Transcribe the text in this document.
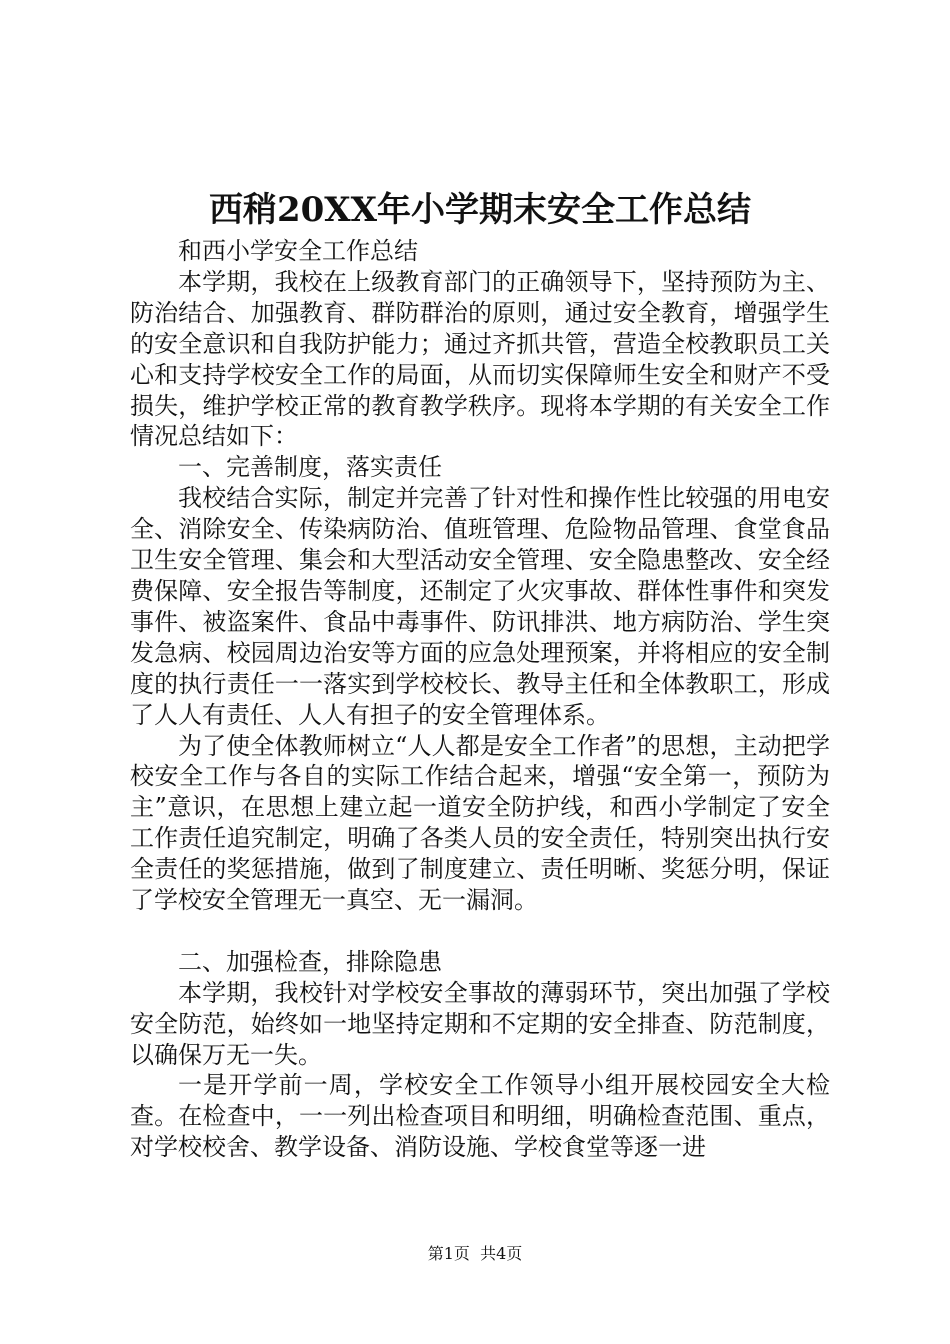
西稍20XX年小学期末安全工作总结

和西小学安全工作总结

本学期，我校在上级教育部门的正确领导下，坚持预防为主、防治结合、加强教育、群防群治的原则，通过安全教育，增强学生的安全意识和自我防护能力；通过齐抓共管，营造全校教职员工关心和支持学校安全工作的局面，从而切实保障师生安全和财产不受损失，维护学校正常的教育教学秩序。现将本学期的有关安全工作情况总结如下：

一、完善制度，落实责任

我校结合实际，制定并完善了针对性和操作性比较强的用电安全、消除安全、传染病防治、值班管理、危险物品管理、食堂食品卫生安全管理、集会和大型活动安全管理、安全隐患整改、安全经费保障、安全报告等制度，还制定了火灾事故、群体性事件和突发事件、被盗案件、食品中毒事件、防讯排洪、地方病防治、学生突发急病、校园周边治安等方面的应急处理预案，并将相应的安全制度的执行责任一一落实到学校校长、教导主任和全体教职工，形成了人人有责任、人人有担子的安全管理体系。

为了使全体教师树立“人人都是安全工作者”的思想，主动把学校安全工作与各自的实际工作结合起来，增强“安全第一，预防为主”意识，在思想上建立起一道安全防护线，和西小学制定了安全工作责任追究制定，明确了各类人员的安全责任，特别突出执行安全责任的奖惩措施，做到了制度建立、责任明晰、奖惩分明，保证了学校安全管理无一真空、无一漏洞。

二、加强检查，排除隐患

本学期，我校针对学校安全事故的薄弱环节，突出加强了学校安全防范，始终如一地坚持定期和不定期的安全排查、防范制度，以确保万无一失。

一是开学前一周，学校安全工作领导小组开展校园安全大检查。在检查中，一一列出检查项目和明细，明确检查范围、重点，对学校校舍、教学设备、消防设施、学校食堂等逐一进

第1页 共4页
